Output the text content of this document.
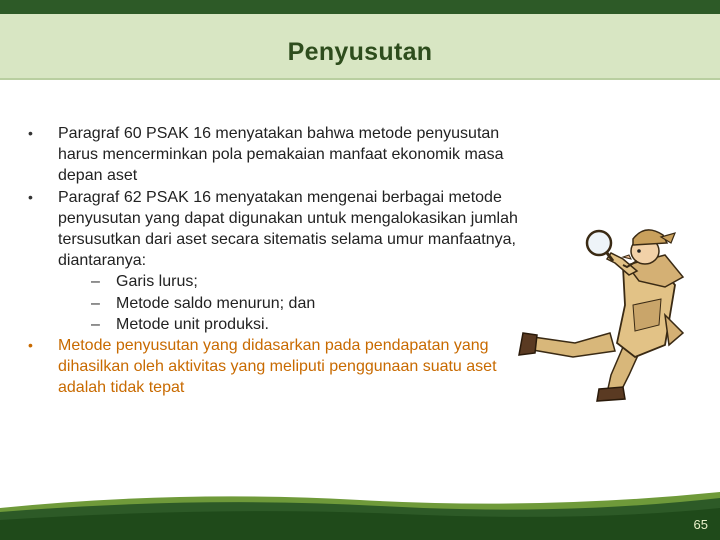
Penyusutan
•	Paragraf 60 PSAK 16 menyatakan bahwa metode penyusutan
harus mencerminkan pola pemakaian manfaat ekonomik masa
depan aset
•	Paragraf 62 PSAK 16 menyatakan mengenai berbagai metode
penyusutan yang dapat digunakan untuk mengalokasikan jumlah
tersusutkan dari aset secara sitematis selama umur manfaatnya,
diantaranya:
– Garis lurus;
– Metode saldo menurun; dan
– Metode unit produksi.
•	Metode penyusutan yang didasarkan pada pendapatan yang
dihasilkan oleh aktivitas yang meliputi penggunaan suatu aset
adalah tidak tepat
65
